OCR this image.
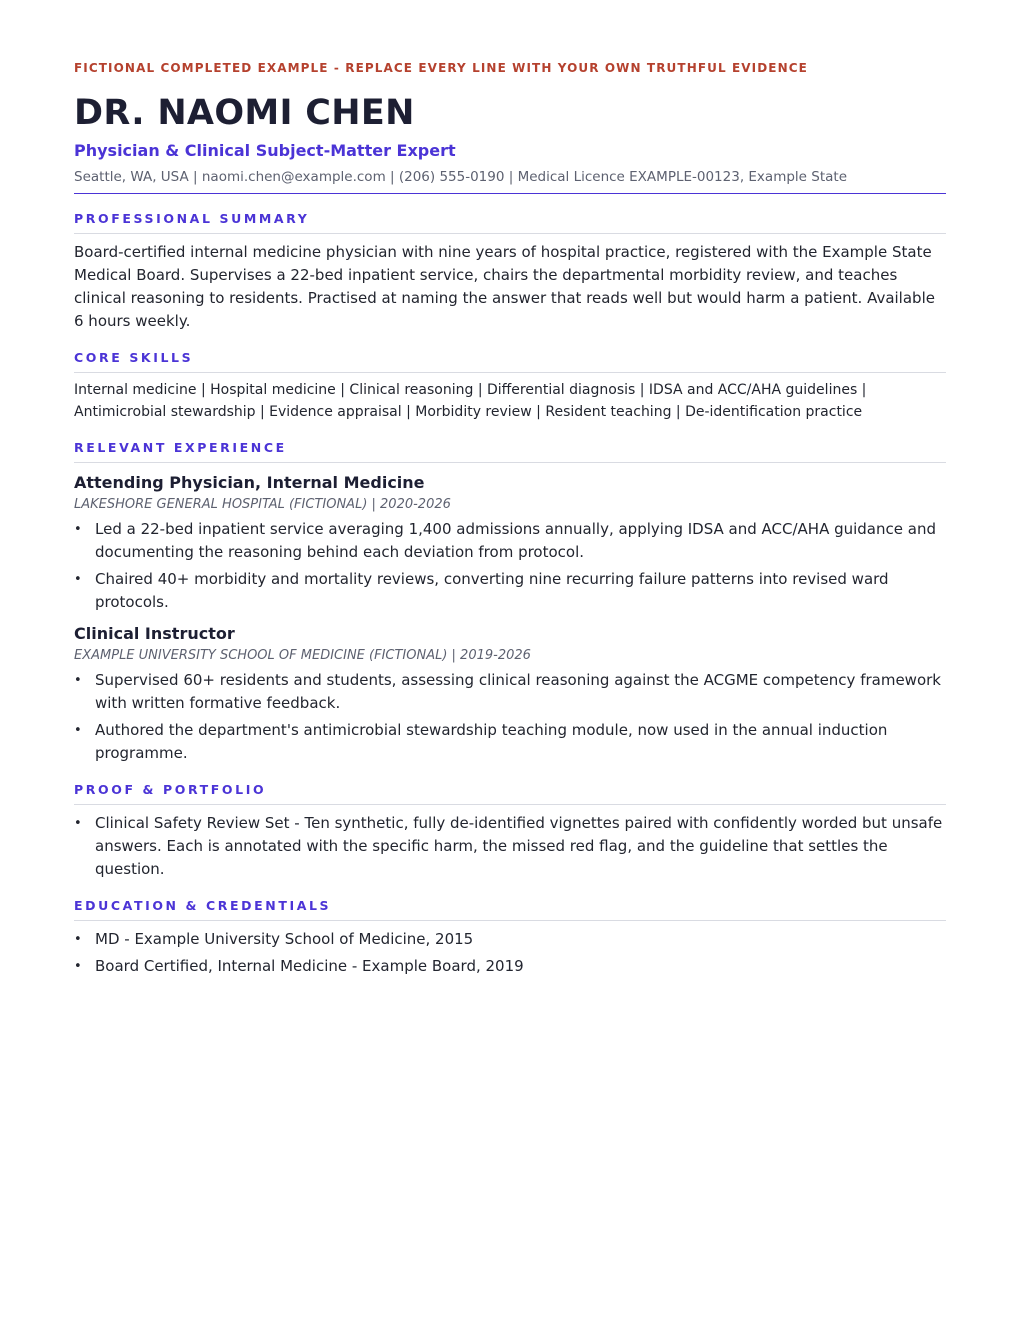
FICTIONAL COMPLETED EXAMPLE - REPLACE EVERY LINE WITH YOUR OWN TRUTHFUL EVIDENCE

DR. NAOMI CHEN

Physician & Clinical Subject-Matter Expert

Seattle, WA, USA | naomi.chen@example.com | (206) 555-0190 | Medical Licence EXAMPLE-00123, Example State

PROFESSIONAL SUMMARY

Board-certified internal medicine physician with nine years of hospital practice, registered with the Example State Medical Board. Supervises a 22-bed inpatient service, chairs the departmental morbidity review, and teaches clinical reasoning to residents. Practised at naming the answer that reads well but would harm a patient. Available 6 hours weekly.

CORE SKILLS

Internal medicine | Hospital medicine | Clinical reasoning | Differential diagnosis | IDSA and ACC/AHA guidelines | Antimicrobial stewardship | Evidence appraisal | Morbidity review | Resident teaching | De-identification practice

RELEVANT EXPERIENCE
Attending Physician, Internal Medicine

LAKESHORE GENERAL HOSPITAL (FICTIONAL) | 2020-2026

• Led a 22-bed inpatient service averaging 1,400 admissions annually, applying IDSA and ACC/AHA guidance and documenting the reasoning behind each deviation from protocol.
• Chaired 40+ morbidity and mortality reviews, converting nine recurring failure patterns into revised ward protocols.
Clinical Instructor

EXAMPLE UNIVERSITY SCHOOL OF MEDICINE (FICTIONAL) | 2019-2026

• Supervised 60+ residents and students, assessing clinical reasoning against the ACGME competency framework with written formative feedback.
• Authored the department's antimicrobial stewardship teaching module, now used in the annual induction programme.
PROOF & PORTFOLIO
• Clinical Safety Review Set - Ten synthetic, fully de-identified vignettes paired with confidently worded but unsafe answers. Each is annotated with the specific harm, the missed red flag, and the guideline that settles the question.
EDUCATION & CREDENTIALS
• MD - Example University School of Medicine, 2015
• Board Certified, Internal Medicine - Example Board, 2019
